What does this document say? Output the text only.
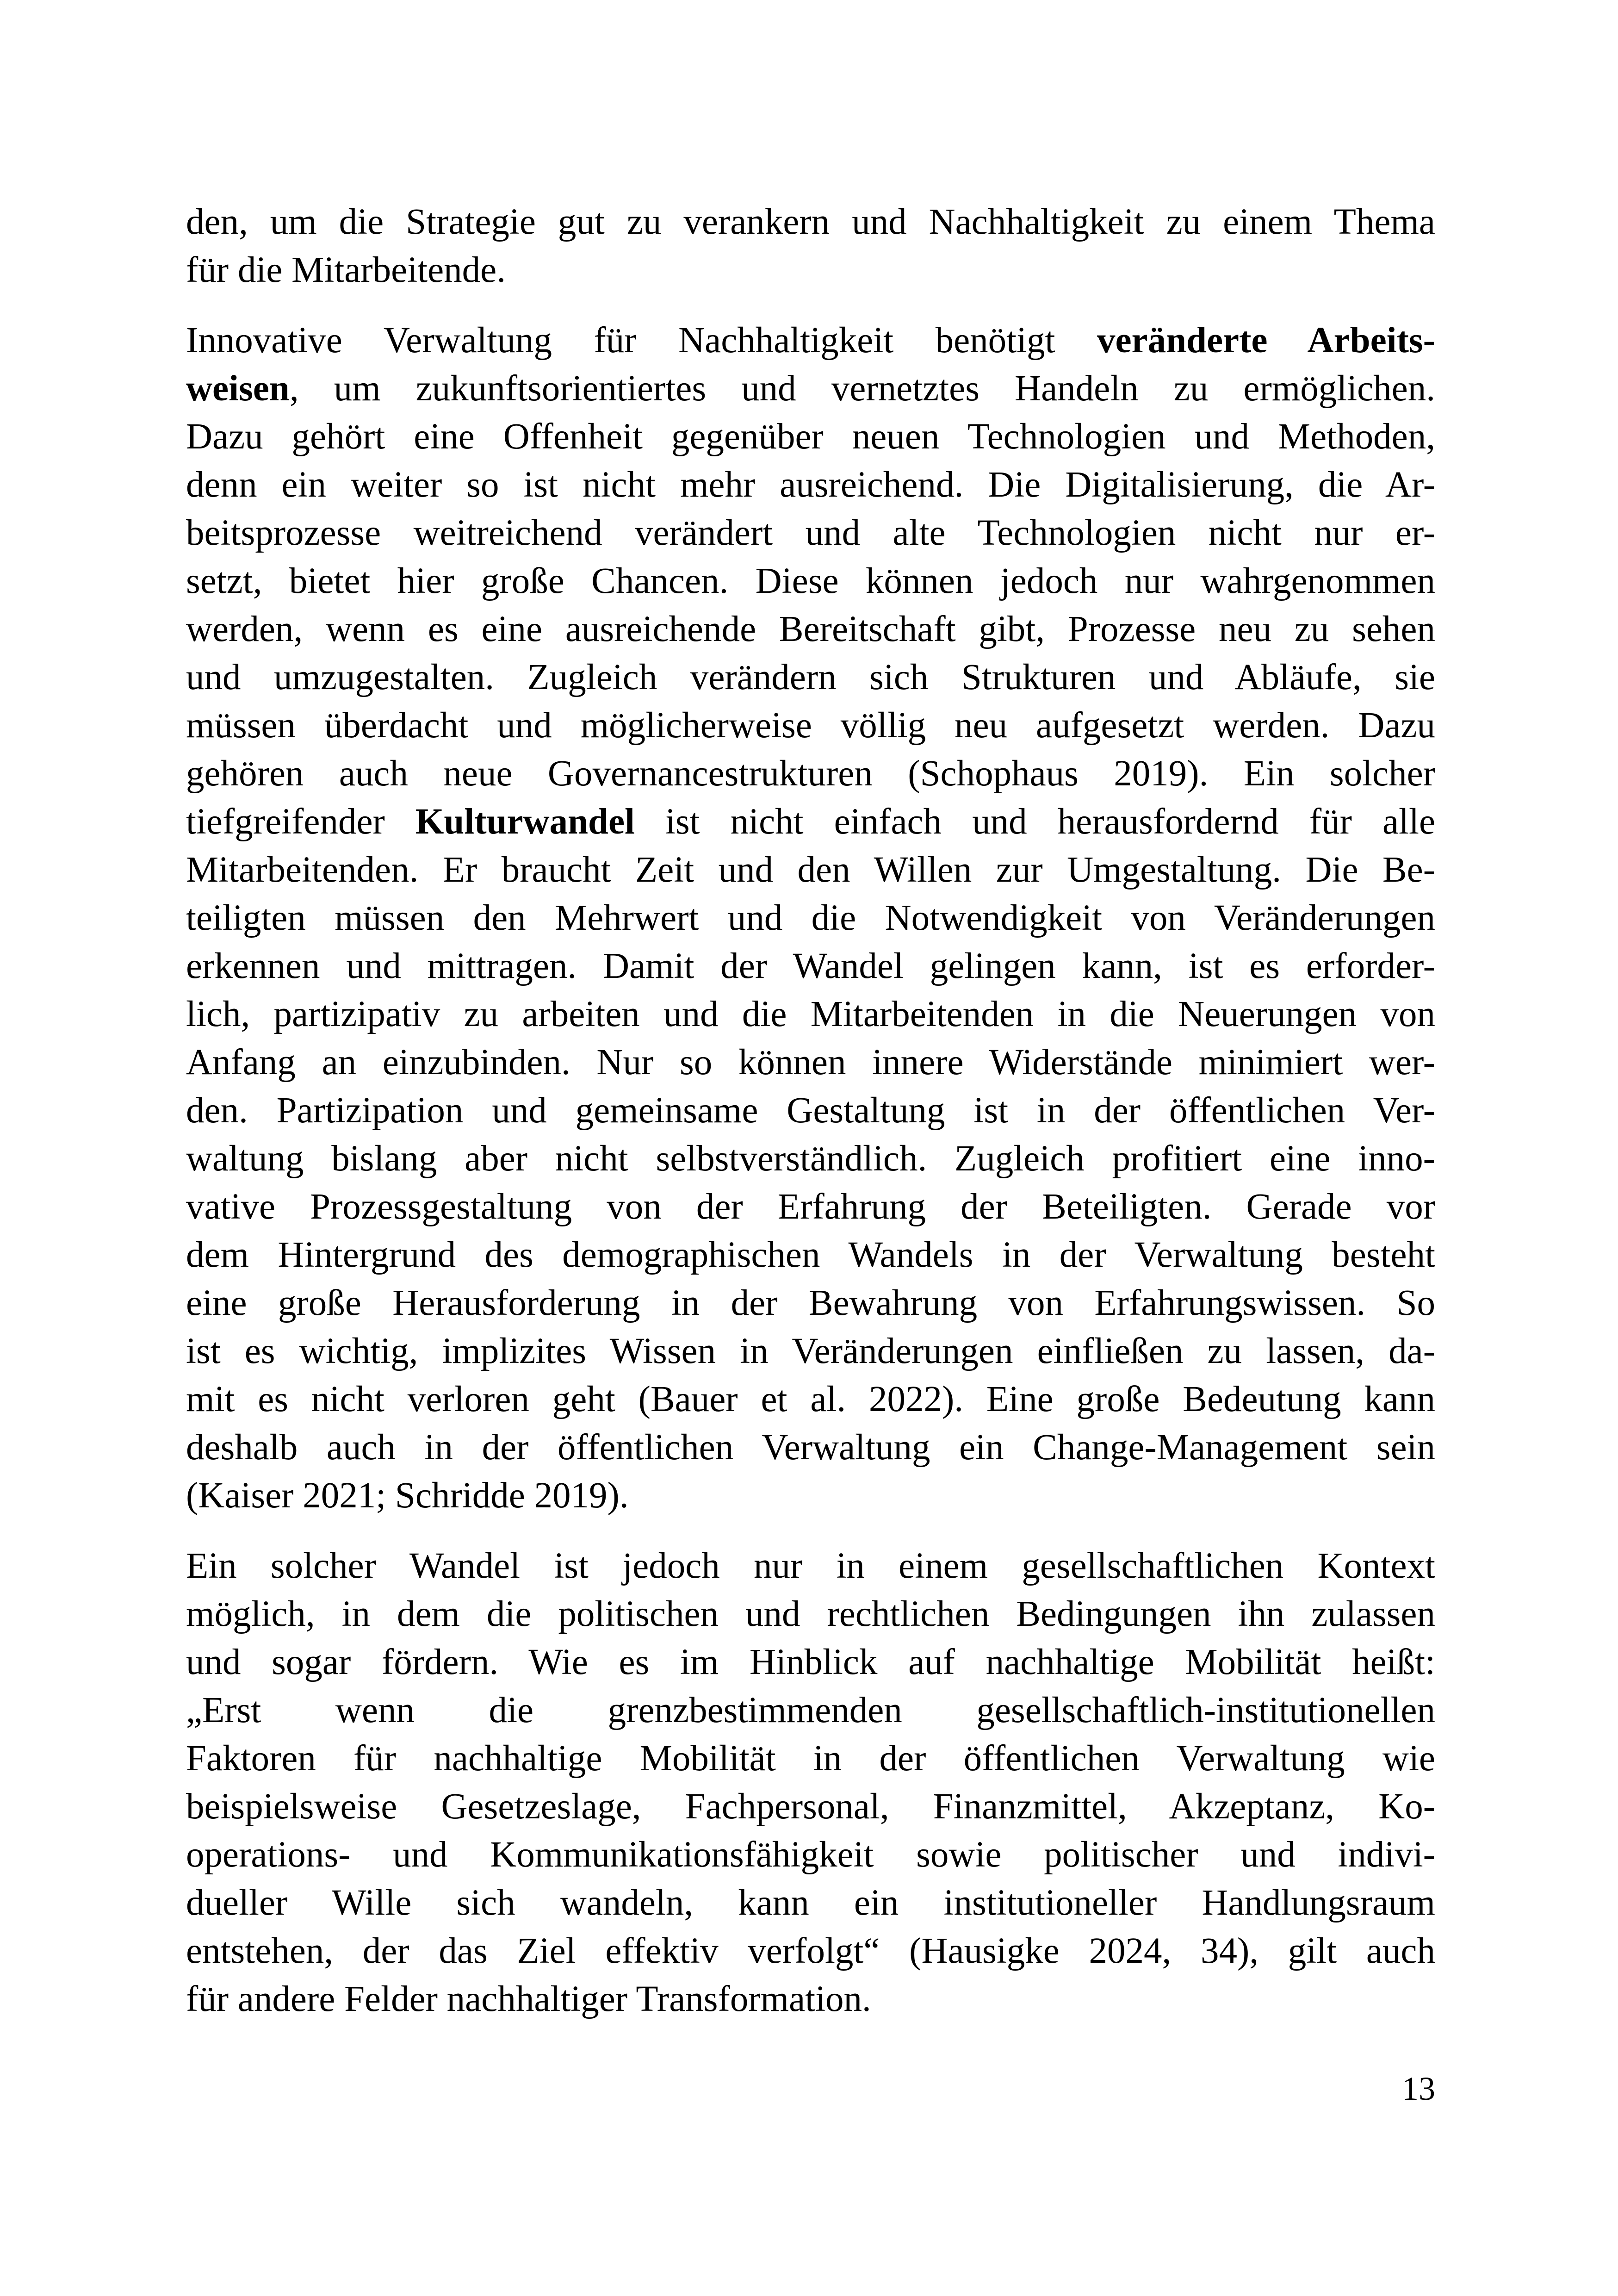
den, um die Strategie gut zu verankern und Nachhaltigkeit zu einem Thema
für die Mitarbeitende.
Innovative Verwaltung für Nachhaltigkeit benötigt veränderte Arbeits-
weisen, um zukunftsorientiertes und vernetztes Handeln zu ermöglichen.
Dazu gehört eine Offenheit gegenüber neuen Technologien und Methoden,
denn ein weiter so ist nicht mehr ausreichend. Die Digitalisierung, die Ar-
beitsprozesse weitreichend verändert und alte Technologien nicht nur er-
setzt, bietet hier große Chancen. Diese können jedoch nur wahrgenommen
werden, wenn es eine ausreichende Bereitschaft gibt, Prozesse neu zu sehen
und umzugestalten. Zugleich verändern sich Strukturen und Abläufe, sie
müssen überdacht und möglicherweise völlig neu aufgesetzt werden. Dazu
gehören auch neue Governancestrukturen (Schophaus 2019). Ein solcher
tiefgreifender Kulturwandel ist nicht einfach und herausfordernd für alle
Mitarbeitenden. Er braucht Zeit und den Willen zur Umgestaltung. Die Be-
teiligten müssen den Mehrwert und die Notwendigkeit von Veränderungen
erkennen und mittragen. Damit der Wandel gelingen kann, ist es erforder-
lich, partizipativ zu arbeiten und die Mitarbeitenden in die Neuerungen von
Anfang an einzubinden. Nur so können innere Widerstände minimiert wer-
den. Partizipation und gemeinsame Gestaltung ist in der öffentlichen Ver-
waltung bislang aber nicht selbstverständlich. Zugleich profitiert eine inno-
vative Prozessgestaltung von der Erfahrung der Beteiligten. Gerade vor
dem Hintergrund des demographischen Wandels in der Verwaltung besteht
eine große Herausforderung in der Bewahrung von Erfahrungswissen. So
ist es wichtig, implizites Wissen in Veränderungen einfließen zu lassen, da-
mit es nicht verloren geht (Bauer et al. 2022). Eine große Bedeutung kann
deshalb auch in der öffentlichen Verwaltung ein Change-Management sein
(Kaiser 2021; Schridde 2019).
Ein solcher Wandel ist jedoch nur in einem gesellschaftlichen Kontext
möglich, in dem die politischen und rechtlichen Bedingungen ihn zulassen
und sogar fördern. Wie es im Hinblick auf nachhaltige Mobilität heißt:
„Erst wenn die grenzbestimmenden gesellschaftlich-institutionellen
Faktoren für nachhaltige Mobilität in der öffentlichen Verwaltung wie
beispielsweise Gesetzeslage, Fachpersonal, Finanzmittel, Akzeptanz, Ko-
operations- und Kommunikationsfähigkeit sowie politischer und indivi-
dueller Wille sich wandeln, kann ein institutioneller Handlungsraum
entstehen, der das Ziel effektiv verfolgt“ (Hausigke 2024, 34), gilt auch
für andere Felder nachhaltiger Transformation.
13
